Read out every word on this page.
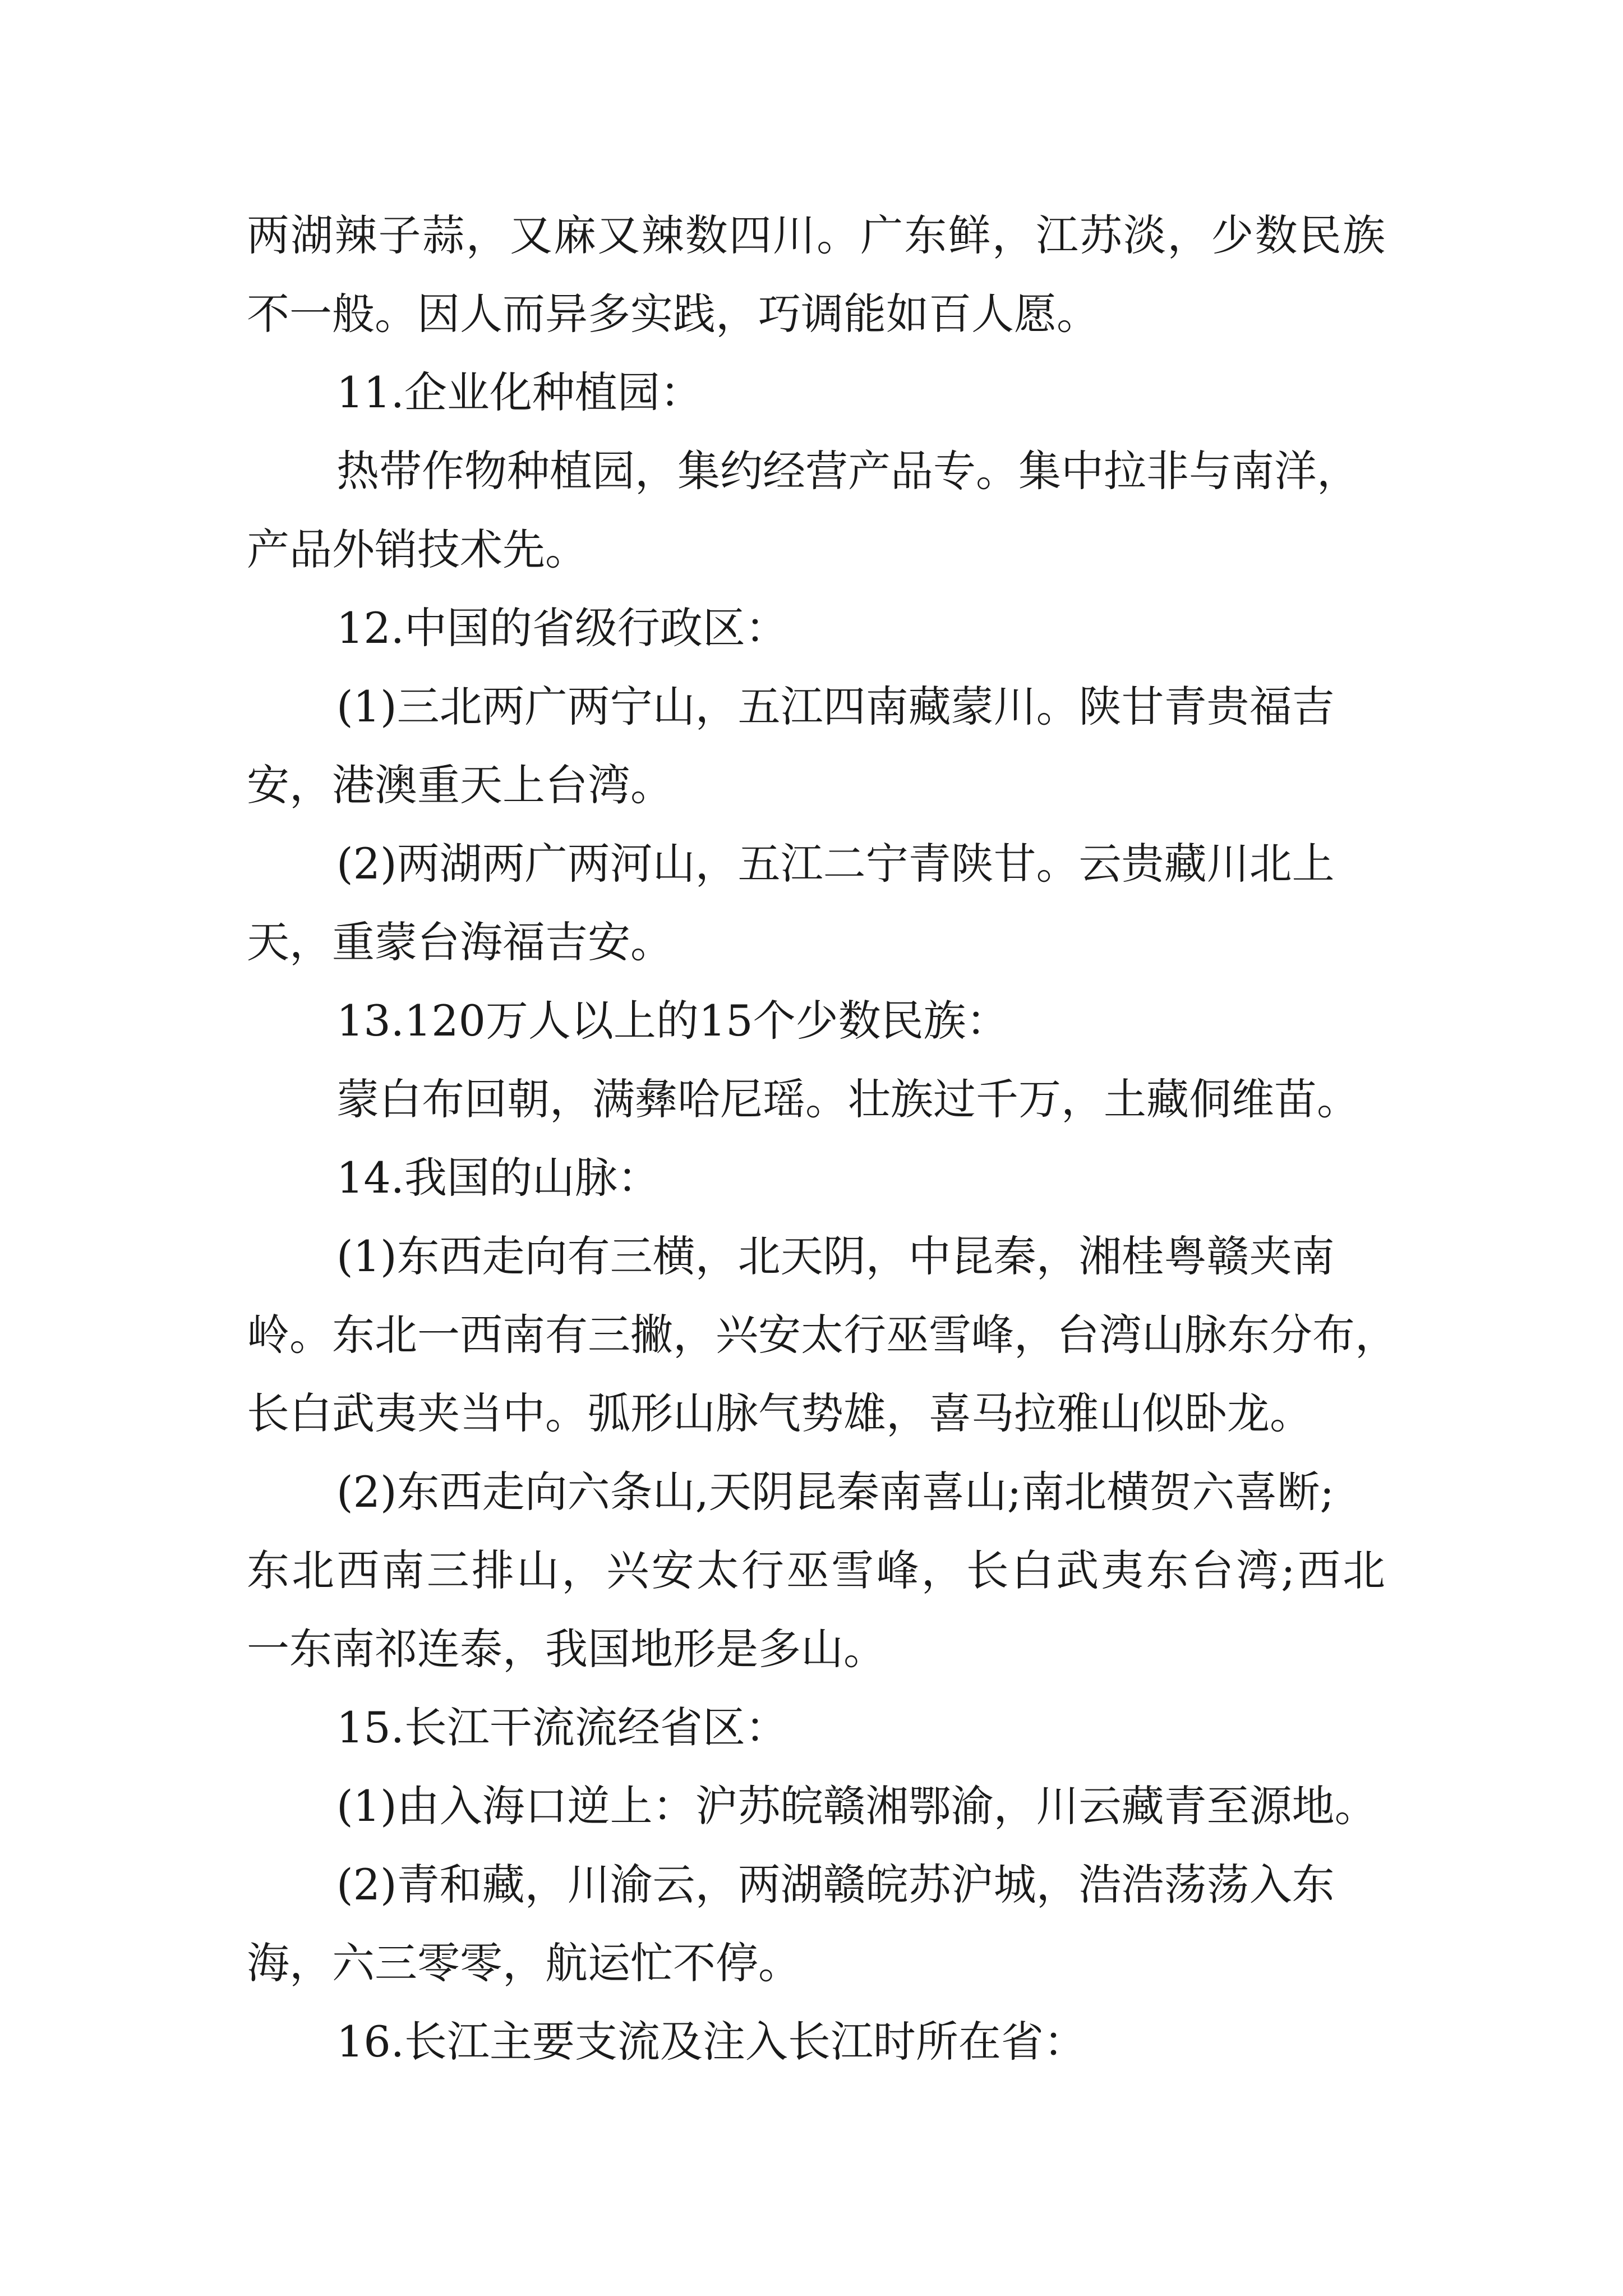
两湖辣子蒜，又麻又辣数四川。广东鲜，江苏淡，少数民族

不一般。因人而异多实践，巧调能如百人愿。

11.企业化种植园：

热带作物种植园，集约经营产品专。集中拉非与南洋，

产品外销技术先。

12.中国的省级行政区：

(1)三北两广两宁山，五江四南藏蒙川。陕甘青贵福吉

安，港澳重天上台湾。

(2)两湖两广两河山，五江二宁青陕甘。云贵藏川北上

天，重蒙台海福吉安。

13.120万人以上的15个少数民族：

蒙白布回朝，满彝哈尼瑶。壮族过千万，土藏侗维苗。

14.我国的山脉：

(1)东西走向有三横，北天阴，中昆秦，湘桂粤赣夹南

岭。东北一西南有三撇，兴安太行巫雪峰，台湾山脉东分布，

长白武夷夹当中。弧形山脉气势雄，喜马拉雅山似卧龙。

(2)东西走向六条山,天阴昆秦南喜山;南北横贺六喜断;

东北西南三排山，兴安太行巫雪峰，长白武夷东台湾;西北

一东南祁连泰，我国地形是多山。

15.长江干流流经省区：

(1)由入海口逆上：沪苏皖赣湘鄂渝，川云藏青至源地。

(2)青和藏，川渝云，两湖赣皖苏沪城，浩浩荡荡入东

海，六三零零，航运忙不停。

16.长江主要支流及注入长江时所在省：
